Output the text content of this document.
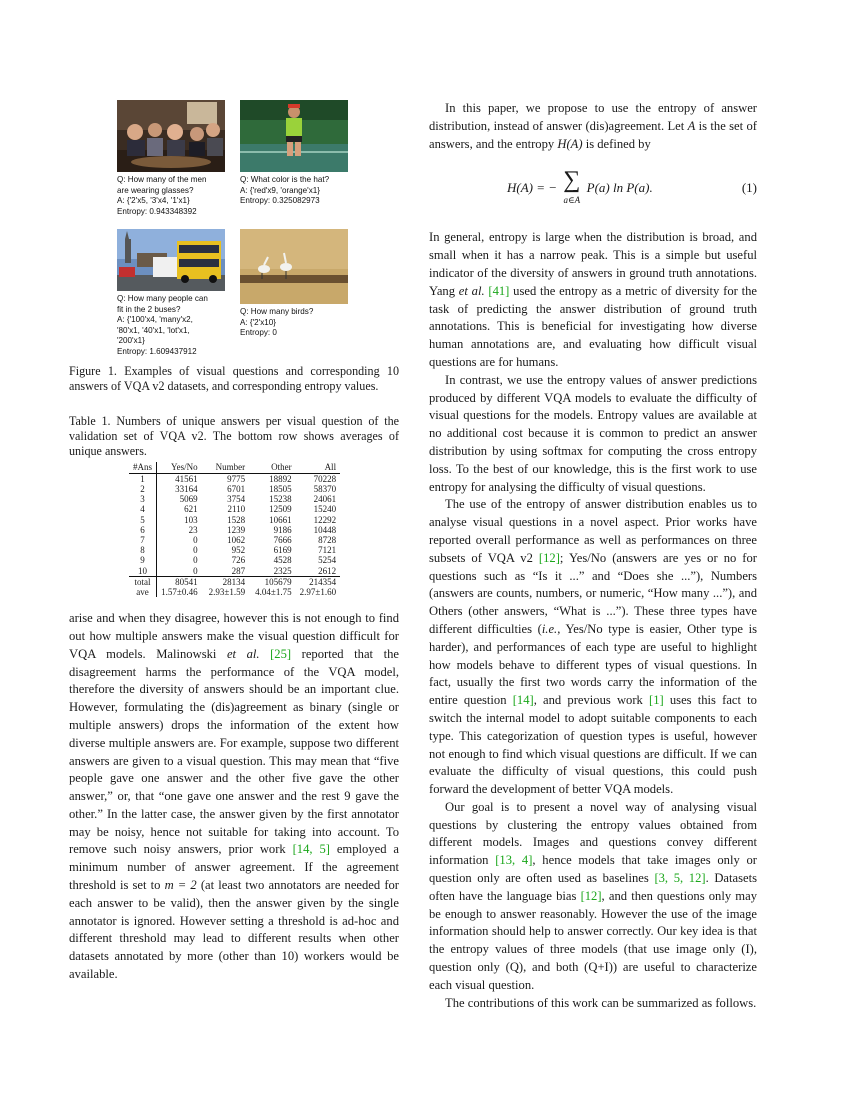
Q: How many of the men
are wearing glasses?
A: {'2'x5, '3'x4, '1'x1}
Entropy: 0.943348392
Q: What color is the hat?
A: {'red'x9, 'orange'x1}
Entropy: 0.325082973
Q: How many people can
fit in the 2 buses?
A: {'100'x4, 'many'x2,
'80'x1, '40'x1, 'lot'x1,
'200'x1}
Entropy: 1.609437912
Q: How many birds?
A: {'2'x10}
Entropy: 0
Figure 1. Examples of visual questions and corresponding 10 answers of VQA v2 datasets, and corresponding entropy values.
Table 1. Numbers of unique answers per visual question of the validation set of VQA v2. The bottom row shows averages of unique answers.
#Ans	Yes/No	Number	Other	All
1	41561	9775	18892	70228
2	33164	6701	18505	58370
3	5069	3754	15238	24061
4	621	2110	12509	15240
5	103	1528	10661	12292
6	23	1239	9186	10448
7	0	1062	7666	8728
8	0	952	6169	7121
9	0	726	4528	5254
10	0	287	2325	2612
total	80541	28134	105679	214354
ave	1.57±0.46	2.93±1.59	4.04±1.75	2.97±1.60

arise and when they disagree, however this is not enough to find out how multiple answers make the visual question difficult for VQA models. Malinowski et al. [25] reported that the disagreement harms the performance of the VQA model, therefore the diversity of answers should be an important clue. However, formulating the (dis)agreement as binary (single or multiple answers) drops the information of the extent how diverse multiple answers are. For example, suppose two different answers are given to a visual question. This may mean that “five people gave one answer and the other five gave the other answer,” or, that “one gave one answer and the rest 9 gave the other.” In the latter case, the answer given by the first annotator may be noisy, hence not suitable for taking into account. To remove such noisy answers, prior work [14, 5] employed a minimum number of answer agreement. If the agreement threshold is set to m = 2 (at least two annotators are needed for each answer to be valid), then the answer given by the single annotator is ignored. However setting a threshold is ad-hoc and different threshold may lead to different results when other datasets annotated by more (other than 10) workers would be available.

In this paper, we propose to use the entropy of answer distribution, instead of answer (dis)agreement. Let A is the set of answers, and the entropy H(A) is defined by

H(A) = − ∑
a∈A
P(a) ln P(a).	(1)

In general, entropy is large when the distribution is broad, and small when it has a narrow peak. This is a simple but useful indicator of the diversity of answers in ground truth annotations. Yang et al. [41] used the entropy as a metric of diversity for the task of predicting the answer distribution of ground truth annotations. This is beneficial for investigating how diverse human annotations are, and evaluating how difficult visual questions are for humans.

In contrast, we use the entropy values of answer predictions produced by different VQA models to evaluate the difficulty of visual questions for the models. Entropy values are available at no additional cost because it is common to predict an answer distribution by using softmax for computing the cross entropy loss. To the best of our knowledge, this is the first work to use entropy for analysing the difficulty of visual questions.

The use of the entropy of answer distribution enables us to analyse visual questions in a novel aspect. Prior works have reported overall performance as well as performances on three subsets of VQA v2 [12]; Yes/No (answers are yes or no for questions such as “Is it ...” and “Does she ...”), Numbers (answers are counts, numbers, or numeric, “How many ...”), and Others (other answers, “What is ...”). These three types have different difficulties (i.e., Yes/No type is easier, Other type is harder), and performances of each type are useful to highlight how models behave to different types of visual questions. In fact, usually the first two words carry the information of the entire question [14], and previous work [1] uses this fact to switch the internal model to adopt suitable components to each type. This categorization of question types is useful, however not enough to find which visual questions are difficult. If we can evaluate the difficulty of visual questions, this could push forward the development of better VQA models.

Our goal is to present a novel way of analysing visual questions by clustering the entropy values obtained from different models. Images and questions convey different information [13, 4], hence models that take images only or question only are often used as baselines [3, 5, 12]. Datasets often have the language bias [12], and then questions only may be enough to answer reasonably. However the use of the image information should help to answer correctly. Our key idea is that the entropy values of three models (that use image only (I), question only (Q), and both (Q+I)) are useful to characterize each visual question.

The contributions of this work can be summarized as follows.
